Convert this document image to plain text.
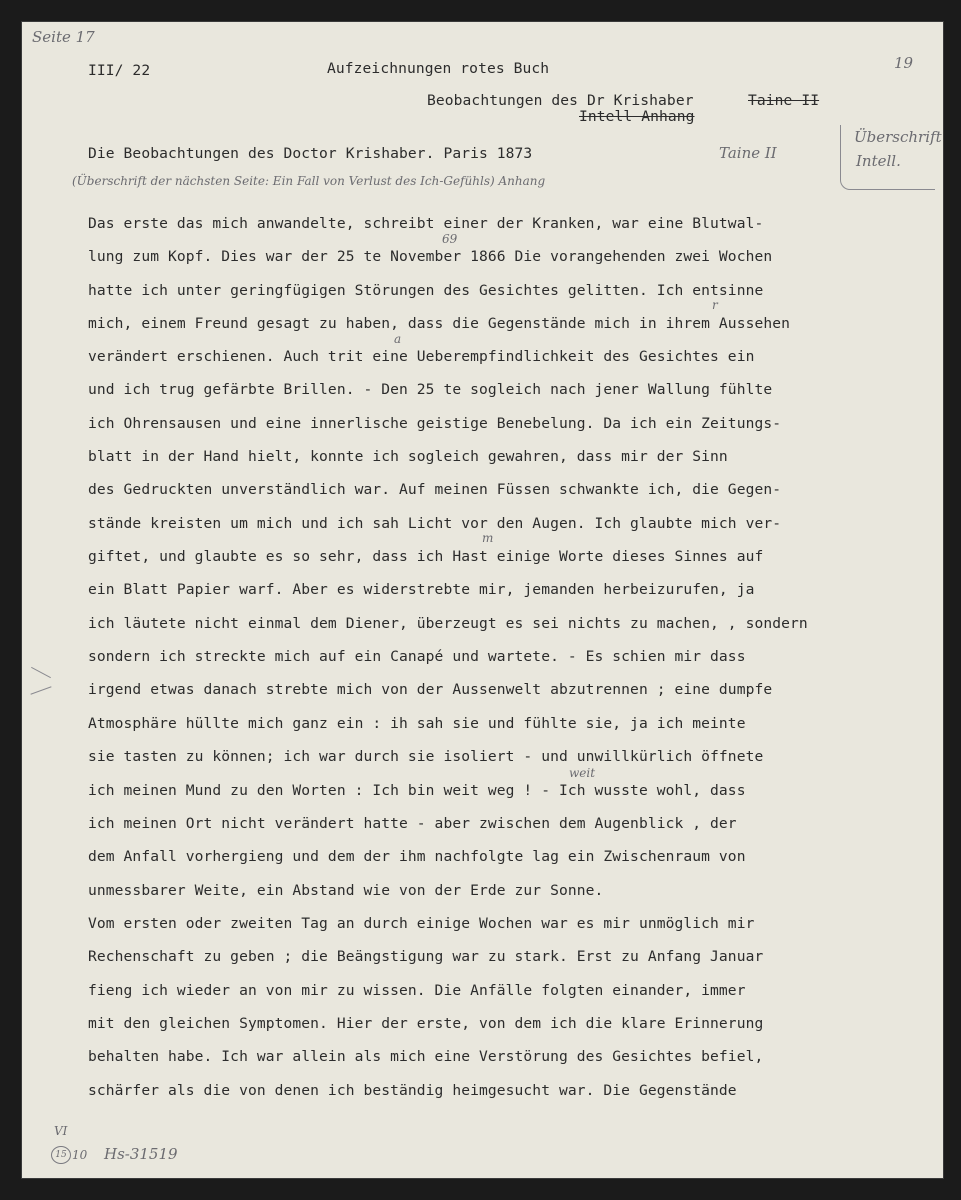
Seite 17
19
III/ 22	Aufzeichnungen rotes Buch
Beobachtungen des Dr Krishaber	Taine II
Intell Anhang
Überschrift
Intell.
Die Beobachtungen des Doctor Krishaber. Paris 1873	Taine II
(Überschrift der nächsten Seite: Ein Fall von Verlust des Ich-Gefühls) Anhang
Das erste das mich anwandelte, schreibt einer der Kranken, war eine Blutwal-
69
lung zum Kopf. Dies war der 25 te November 1866 Die vorangehenden zwei Wochen
hatte ich unter geringfügigen Störungen des Gesichtes gelitten. Ich entsinne
r
mich, einem Freund gesagt zu haben, dass die Gegenstände mich in ihrem Aussehen
a
verändert erschienen. Auch trit eine Ueberempfindlichkeit des Gesichtes ein
und ich trug gefärbte Brillen. - Den 25 te sogleich nach jener Wallung fühlte
ich Ohrensausen und eine innerlische geistige Benebelung. Da ich ein Zeitungs-
blatt in der Hand hielt, konnte ich sogleich gewahren, dass mir der Sinn
des Gedruckten unverständlich war. Auf meinen Füssen schwankte ich, die Gegen-
stände kreisten um mich und ich sah Licht vor den Augen. Ich glaubte mich ver-
m
giftet, und glaubte es so sehr, dass ich Hast einige Worte dieses Sinnes auf
ein Blatt Papier warf. Aber es widerstrebte mir, jemanden herbeizurufen, ja
ich läutete nicht einmal dem Diener, überzeugt es sei nichts zu machen, , sondern
sondern ich streckte mich auf ein Canapé und wartete. - Es schien mir dass
irgend etwas danach strebte mich von der Aussenwelt abzutrennen ; eine dumpfe
Atmosphäre hüllte mich ganz ein : ih sah sie und fühlte sie, ja ich meinte
sie tasten zu können; ich war durch sie isoliert - und unwillkürlich öffnete
weit
ich meinen Mund zu den Worten : Ich bin weit weg ! - Ich wusste wohl, dass
ich meinen Ort nicht verändert hatte - aber zwischen dem Augenblick , der
dem Anfall vorhergieng und dem der ihm nachfolgte lag ein Zwischenraum von
unmessbarer Weite, ein Abstand wie von der Erde zur Sonne.
Vom ersten oder zweiten Tag an durch einige Wochen war es mir unmöglich mir
Rechenschaft zu geben ; die Beängstigung war zu stark. Erst zu Anfang Januar
fieng ich wieder an von mir zu wissen. Die Anfälle folgten einander, immer
mit den gleichen Symptomen. Hier der erste, von dem ich die klare Erinnerung
behalten habe. Ich war allein als mich eine Verstörung des Gesichtes befiel,
schärfer als die von denen ich beständig heimgesucht war. Die Gegenstände
VI
15 10 Hs-31519
